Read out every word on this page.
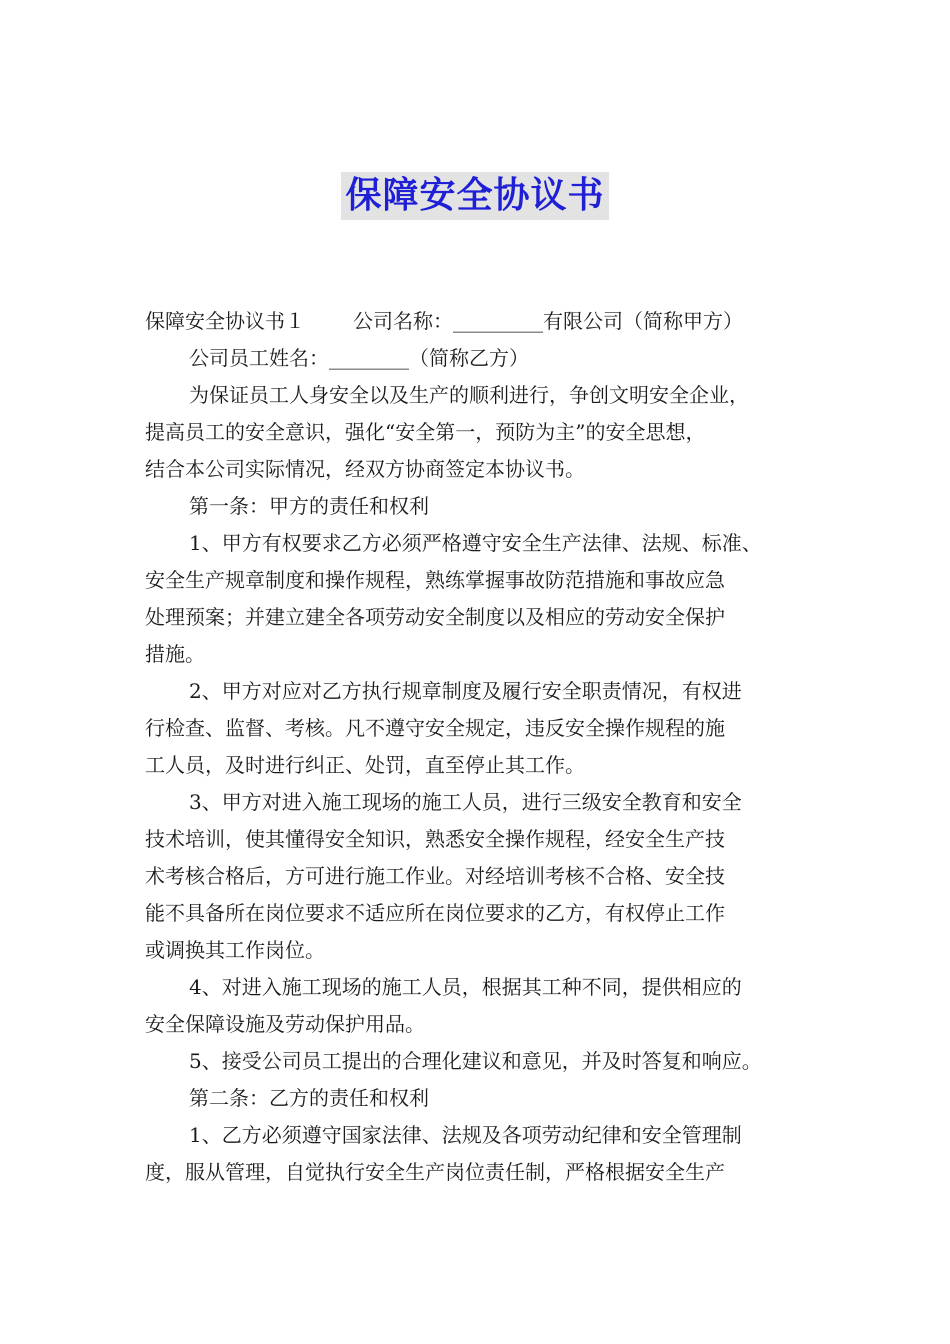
保障安全协议书

保障安全协议书１ 公司名称：_________有限公司（简称甲方）

公司员工姓名：________（简称乙方）

为保证员工人身安全以及生产的顺利进行，争创文明安全企业，

提高员工的安全意识，强化“安全第一，预防为主”的安全思想，

结合本公司实际情况，经双方协商签定本协议书。

第一条：甲方的责任和权利

1、甲方有权要求乙方必须严格遵守安全生产法律、法规、标准、

安全生产规章制度和操作规程，熟练掌握事故防范措施和事故应急

处理预案；并建立建全各项劳动安全制度以及相应的劳动安全保护

措施。

2、甲方对应对乙方执行规章制度及履行安全职责情况，有权进

行检查、监督、考核。凡不遵守安全规定，违反安全操作规程的施

工人员，及时进行纠正、处罚，直至停止其工作。

3、甲方对进入施工现场的施工人员，进行三级安全教育和安全

技术培训，使其懂得安全知识，熟悉安全操作规程，经安全生产技

术考核合格后，方可进行施工作业。对经培训考核不合格、安全技

能不具备所在岗位要求不适应所在岗位要求的乙方，有权停止工作

或调换其工作岗位。

4、对进入施工现场的施工人员，根据其工种不同，提供相应的

安全保障设施及劳动保护用品。

5、接受公司员工提出的合理化建议和意见，并及时答复和响应。

第二条：乙方的责任和权利

1、乙方必须遵守国家法律、法规及各项劳动纪律和安全管理制

度，服从管理，自觉执行安全生产岗位责任制，严格根据安全生产
